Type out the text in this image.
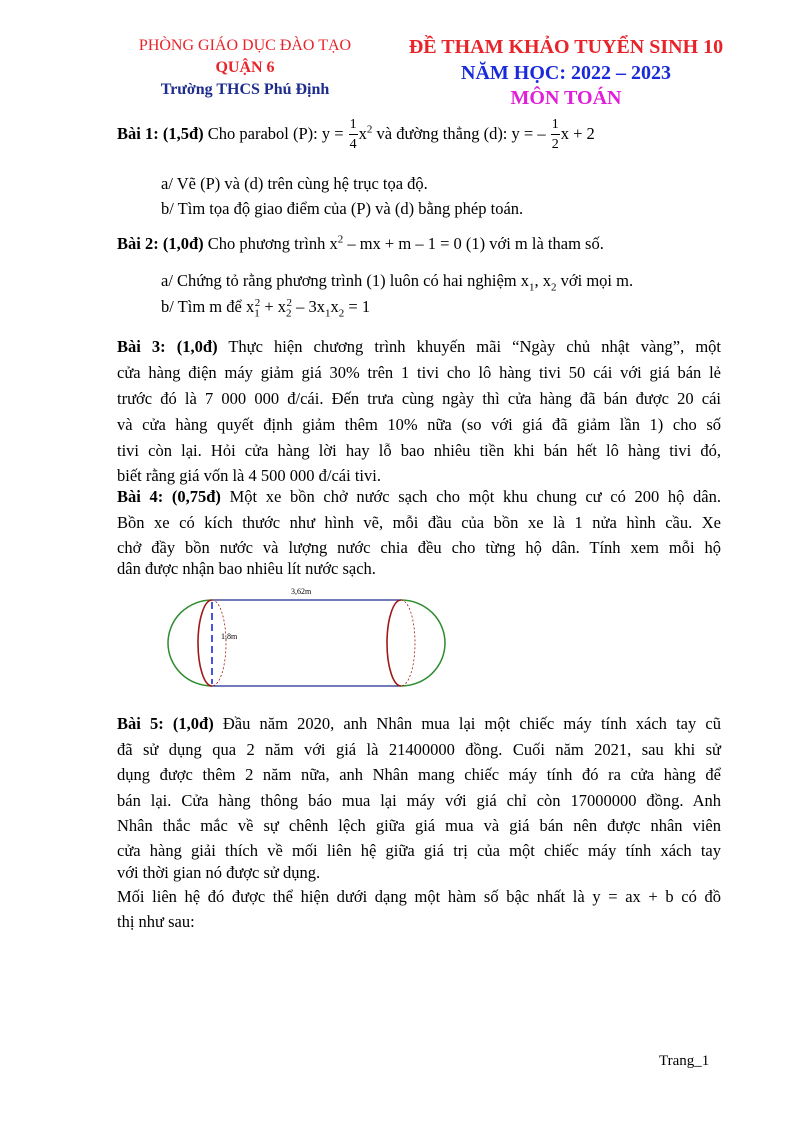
PHÒNG GIÁO DỤC ĐÀO TẠO
QUẬN 6
Trường THCS Phú Định
ĐỀ THAM KHẢO TUYỂN SINH 10
NĂM HỌC: 2022 – 2023
MÔN TOÁN
Bài 1: (1,5đ) Cho parabol (P): $y = \frac{1}{4} x^2$ và đường thẳng (d): y = – $\frac{1}{2}$ x + 2
a/ Vẽ (P) và (d) trên cùng hệ trục tọa độ.
b/ Tìm tọa độ giao điểm của (P) và (d) bằng phép toán.
Bài 2: (1,0đ) Cho phương trình $x^2$ – mx + m – 1 = 0 (1) với m là tham số.
a/ Chứng tỏ rằng phương trình (1) luôn có hai nghiệm $x_1$, $x_2$ với mọi m.
b/ Tìm m để $x_1^2 + x_2^2 - 3x_1x_2 = 1$
Bài 3: (1,0đ) Thực hiện chương trình khuyến mãi “Ngày chủ nhật vàng”, một
cửa hàng điện máy giảm giá 30% trên 1 tivi cho lô hàng tivi 50 cái với giá bán lẻ
trước đó là 7 000 000 đ/cái. Đến trưa cùng ngày thì cửa hàng đã bán được 20 cái
và cửa hàng quyết định giảm thêm 10% nữa (so với giá đã giảm lần 1) cho số
tivi còn lại. Hỏi cửa hàng lời hay lỗ bao nhiêu tiền khi bán hết lô hàng tivi đó,
biết rằng giá vốn là 4 500 000 đ/cái tivi.
Bài 4: (0,75đ) Một xe bồn chở nước sạch cho một khu chung cư có 200 hộ dân.
Bồn xe có kích thước như hình vẽ, mỗi đầu của bồn xe là 1 nửa hình cầu. Xe
chở đầy bồn nước và lượng nước chia đều cho từng hộ dân. Tính xem mỗi hộ
dân được nhận bao nhiêu lít nước sạch.
3,62m
1,8m
Bài 5: (1,0đ) Đầu năm 2020, anh Nhân mua lại một chiếc máy tính xách tay cũ
đã sử dụng qua 2 năm với giá là 21400000 đồng. Cuối năm 2021, sau khi sử
dụng được thêm 2 năm nữa, anh Nhân mang chiếc máy tính đó ra cửa hàng để
bán lại. Cửa hàng thông báo mua lại máy với giá chỉ còn 17000000 đồng. Anh
Nhân thắc mắc về sự chênh lệch giữa giá mua và giá bán nên được nhân viên
cửa hàng giải thích về mối liên hệ giữa giá trị của một chiếc máy tính xách tay
với thời gian nó được sử dụng.
Mối liên hệ đó được thể hiện dưới dạng một hàm số bậc nhất là y = ax + b có đồ
thị như sau:
Trang_1
